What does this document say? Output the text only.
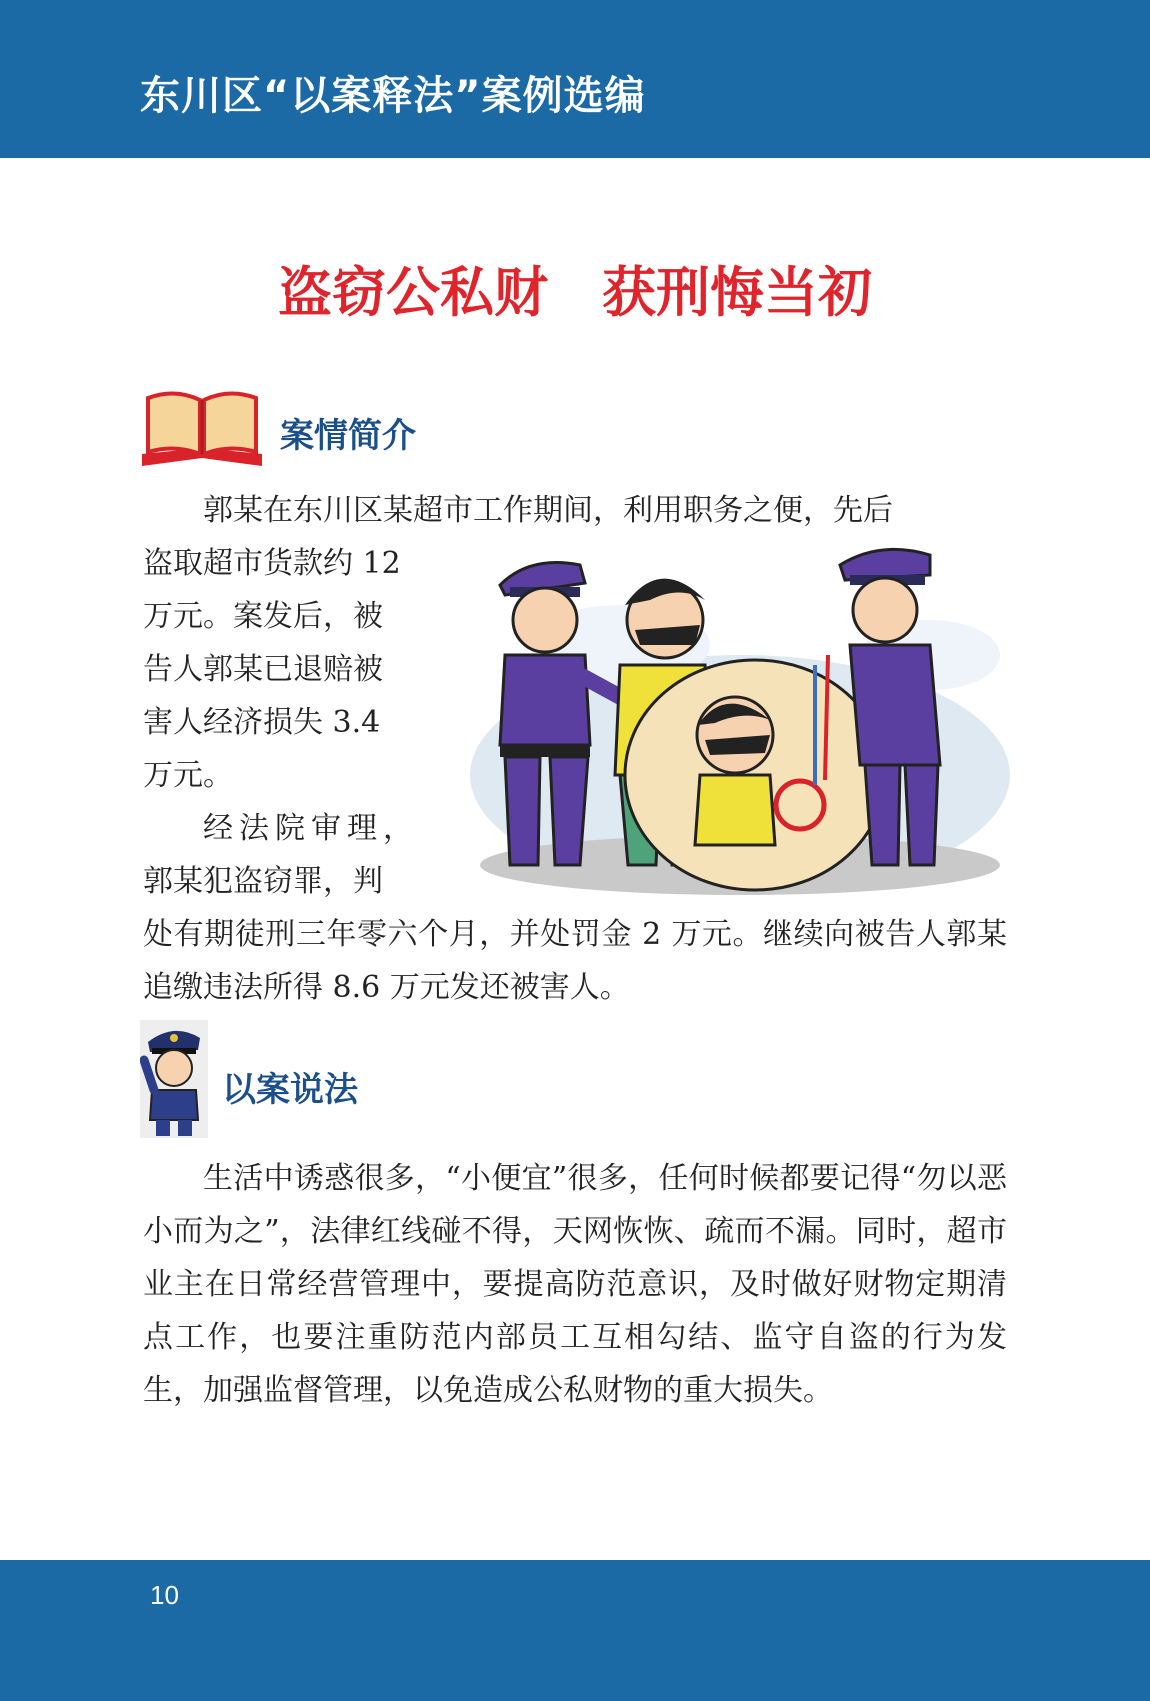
东川区“以案释法”案例选编
盗窃公私财　获刑悔当初
案情简介
郭某在东川区某超市工作期间，利用职务之便，先后
盗取超市货款约 12
万元。案发后，被
告人郭某已退赔被
害人经济损失 3.4
万元。
经法院审理，
郭某犯盗窃罪，判
处有期徒刑三年零六个月，并处罚金 2 万元。继续向被告人郭某追缴违法所得 8.6 万元发还被害人。
以案说法
生活中诱惑很多，“小便宜”很多，任何时候都要记得“勿以恶小而为之”，法律红线碰不得，天网恢恢、疏而不漏。同时，超市业主在日常经营管理中，要提高防范意识，及时做好财物定期清点工作，也要注重防范内部员工互相勾结、监守自盗的行为发生，加强监督管理，以免造成公私财物的重大损失。
10
